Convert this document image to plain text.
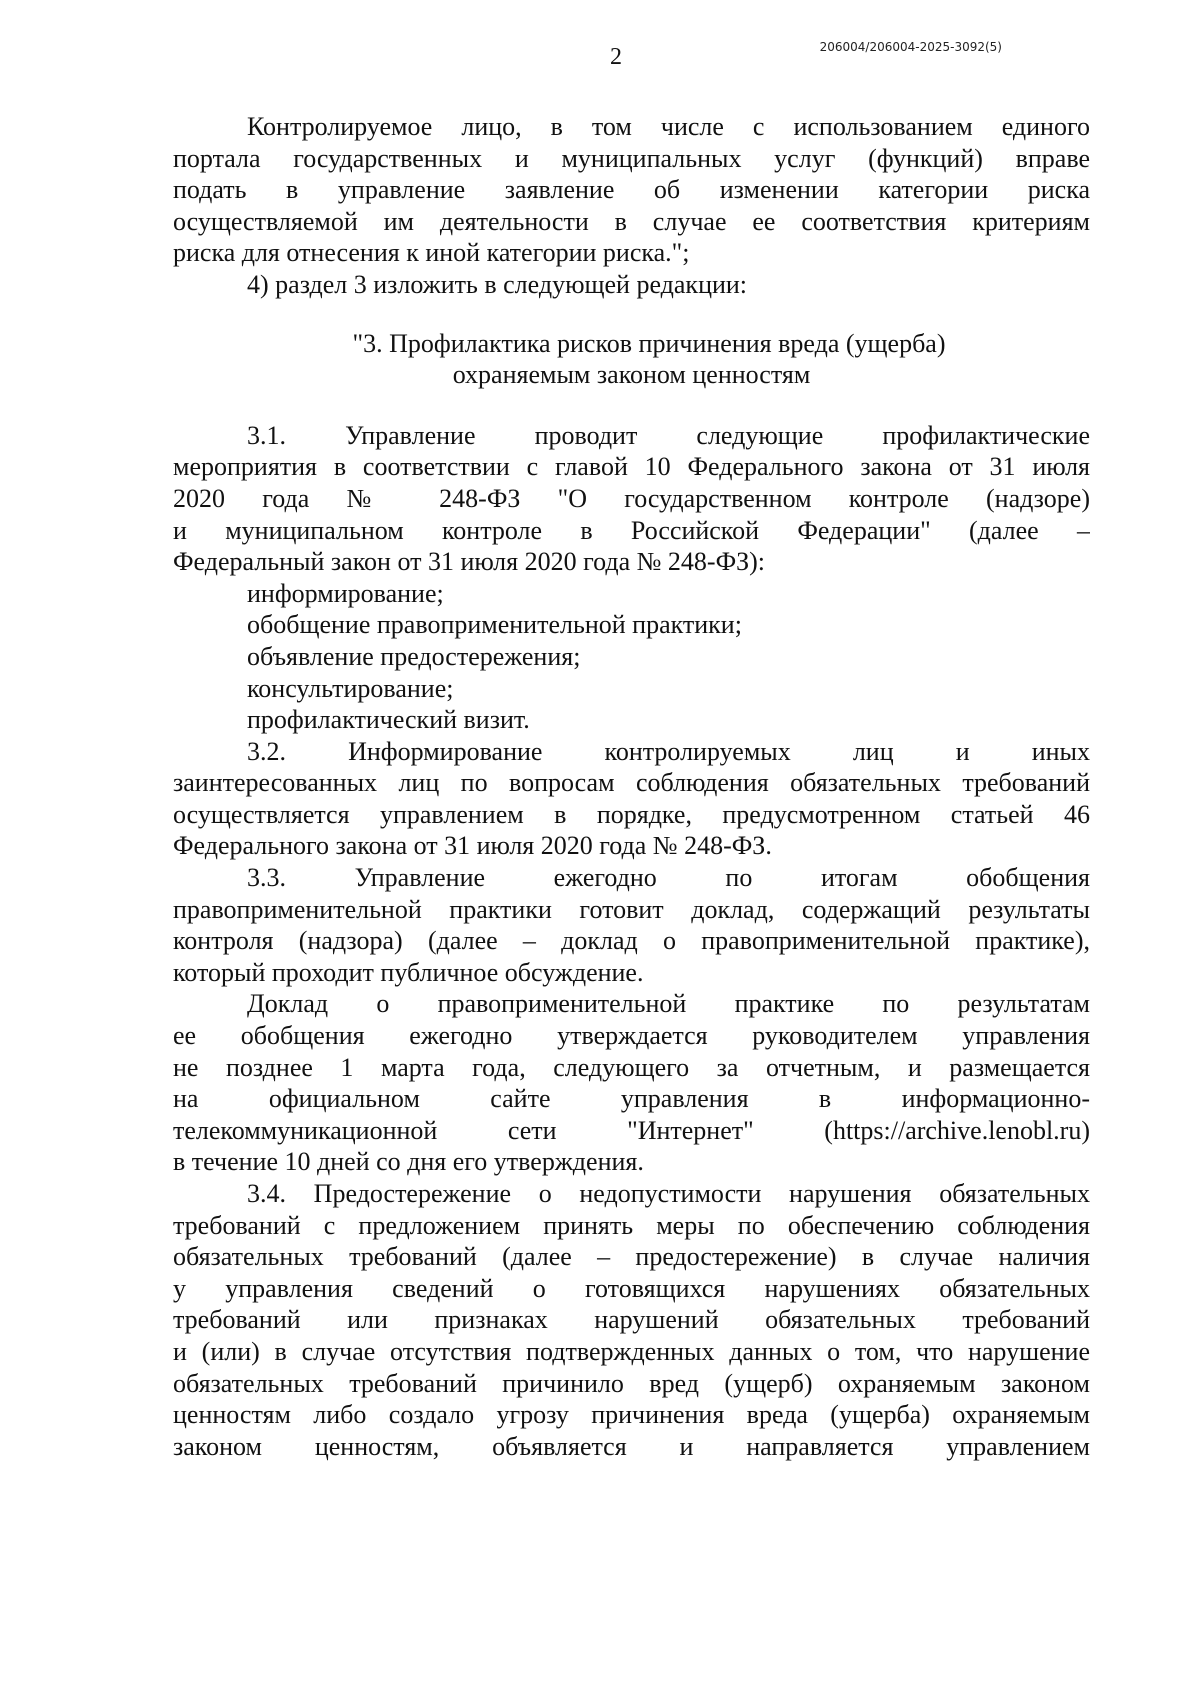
206004/206004-2025-3092(5)
2
Контролируемое лицо, в том числе с использованием единого
портала государственных и муниципальных услуг (функций) вправе
подать в управление заявление об изменении категории риска
осуществляемой им деятельности в случае ее соответствия критериям
риска для отнесения к иной категории риска.";
4) раздел 3 изложить в следующей редакции:
"3. Профилактика рисков причинения вреда (ущерба)
охраняемым законом ценностям
3.1. Управление проводит следующие профилактические
мероприятия в соответствии с главой 10 Федерального закона от 31 июля
2020 года № 248-ФЗ "О государственном контроле (надзоре)
и муниципальном контроле в Российской Федерации" (далее –
Федеральный закон от 31 июля 2020 года № 248-ФЗ):
информирование;
обобщение правоприменительной практики;
объявление предостережения;
консультирование;
профилактический визит.
3.2. Информирование контролируемых лиц и иных
заинтересованных лиц по вопросам соблюдения обязательных требований
осуществляется управлением в порядке, предусмотренном статьей 46
Федерального закона от 31 июля 2020 года № 248-ФЗ.
3.3. Управление ежегодно по итогам обобщения
правоприменительной практики готовит доклад, содержащий результаты
контроля (надзора) (далее – доклад о правоприменительной практике),
который проходит публичное обсуждение.
Доклад о правоприменительной практике по результатам
ее обобщения ежегодно утверждается руководителем управления
не позднее 1 марта года, следующего за отчетным, и размещается
на официальном сайте управления в информационно-
телекоммуникационной сети "Интернет" (https://archive.lenobl.ru)
в течение 10 дней со дня его утверждения.
3.4. Предостережение о недопустимости нарушения обязательных
требований с предложением принять меры по обеспечению соблюдения
обязательных требований (далее – предостережение) в случае наличия
у управления сведений о готовящихся нарушениях обязательных
требований или признаках нарушений обязательных требований
и (или) в случае отсутствия подтвержденных данных о том, что нарушение
обязательных требований причинило вред (ущерб) охраняемым законом
ценностям либо создало угрозу причинения вреда (ущерба) охраняемым
законом ценностям, объявляется и направляется управлением
